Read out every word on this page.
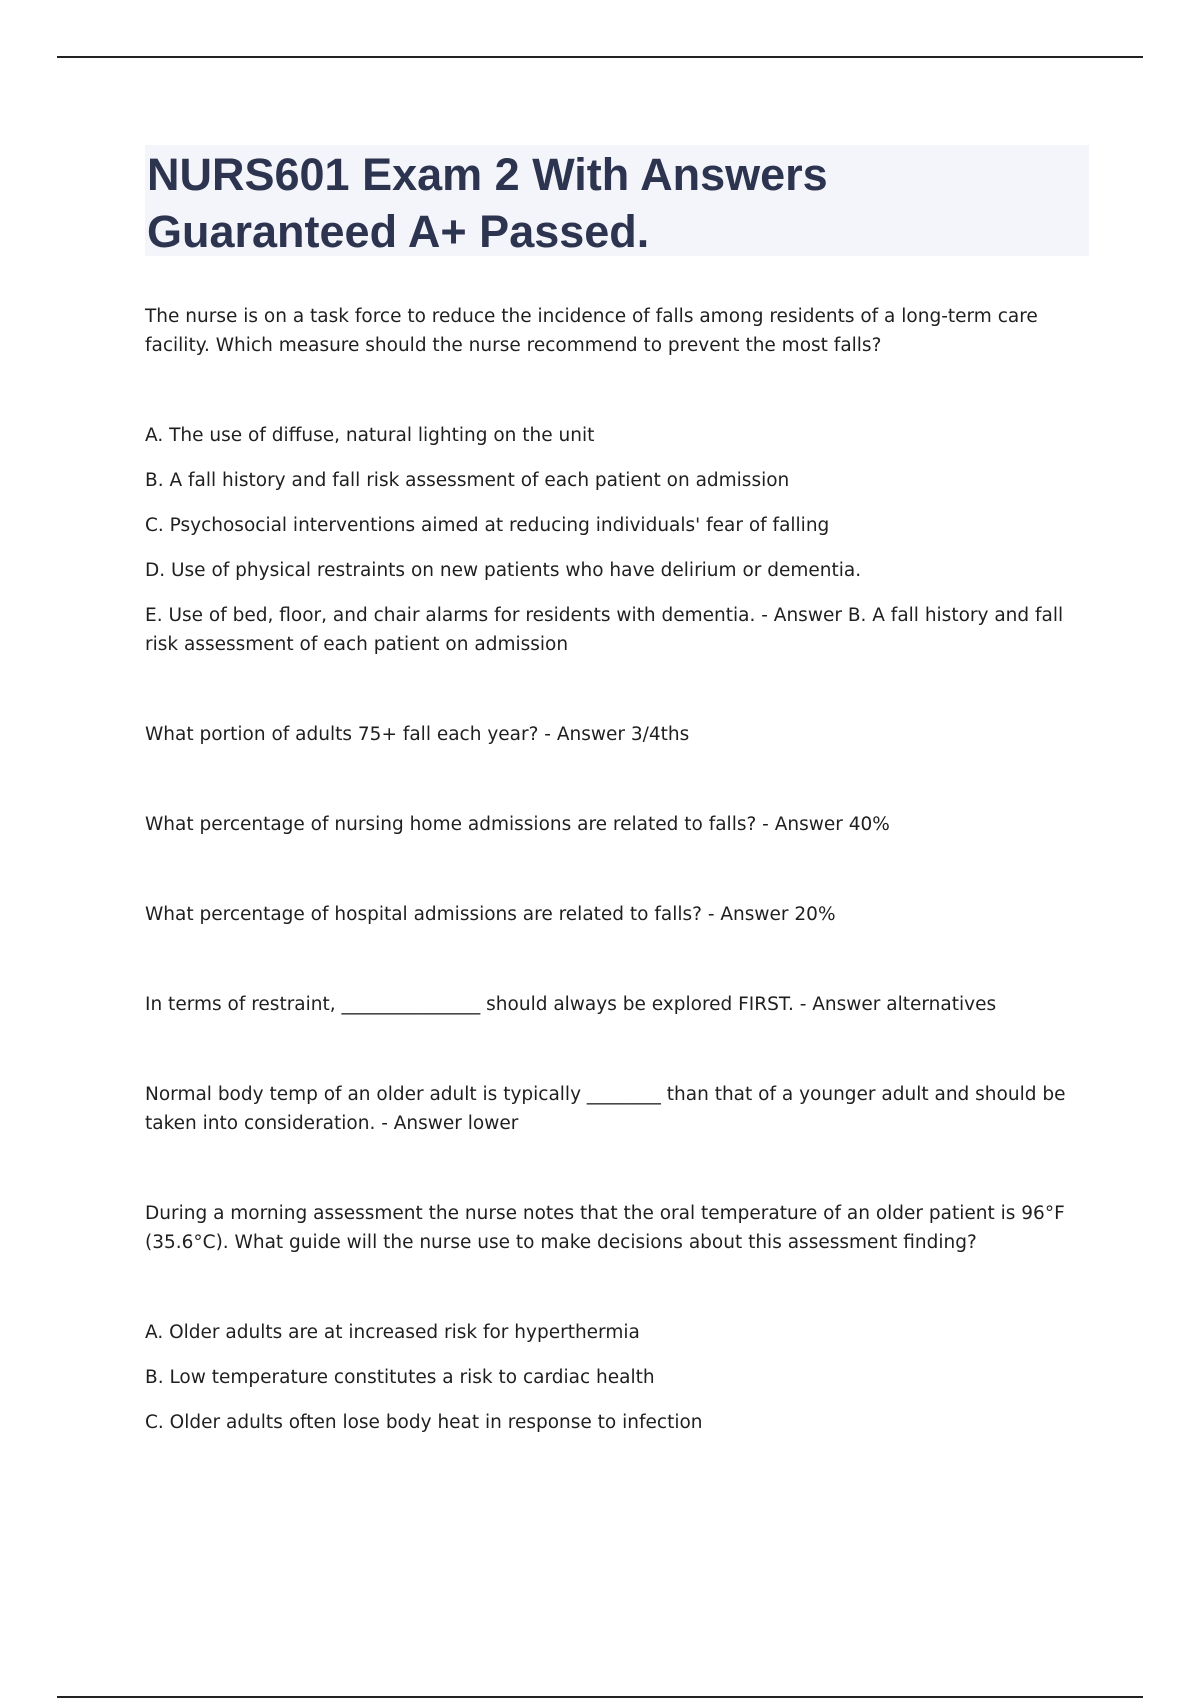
NURS601 Exam 2 With Answers Guaranteed A+ Passed.

The nurse is on a task force to reduce the incidence of falls among residents of a long-term care facility. Which measure should the nurse recommend to prevent the most falls?

A. The use of diffuse, natural lighting on the unit

B. A fall history and fall risk assessment of each patient on admission

C. Psychosocial interventions aimed at reducing individuals' fear of falling

D. Use of physical restraints on new patients who have delirium or dementia.

E. Use of bed, floor, and chair alarms for residents with dementia. - Answer B. A fall history and fall risk assessment of each patient on admission

What portion of adults 75+ fall each year? - Answer 3/4ths

What percentage of nursing home admissions are related to falls? - Answer 40%

What percentage of hospital admissions are related to falls? - Answer 20%

In terms of restraint, _______________ should always be explored FIRST. - Answer alternatives

Normal body temp of an older adult is typically ________ than that of a younger adult and should be taken into consideration. - Answer lower

During a morning assessment the nurse notes that the oral temperature of an older patient is 96°F (35.6°C). What guide will the nurse use to make decisions about this assessment finding?

A. Older adults are at increased risk for hyperthermia

B. Low temperature constitutes a risk to cardiac health

C. Older adults often lose body heat in response to infection
